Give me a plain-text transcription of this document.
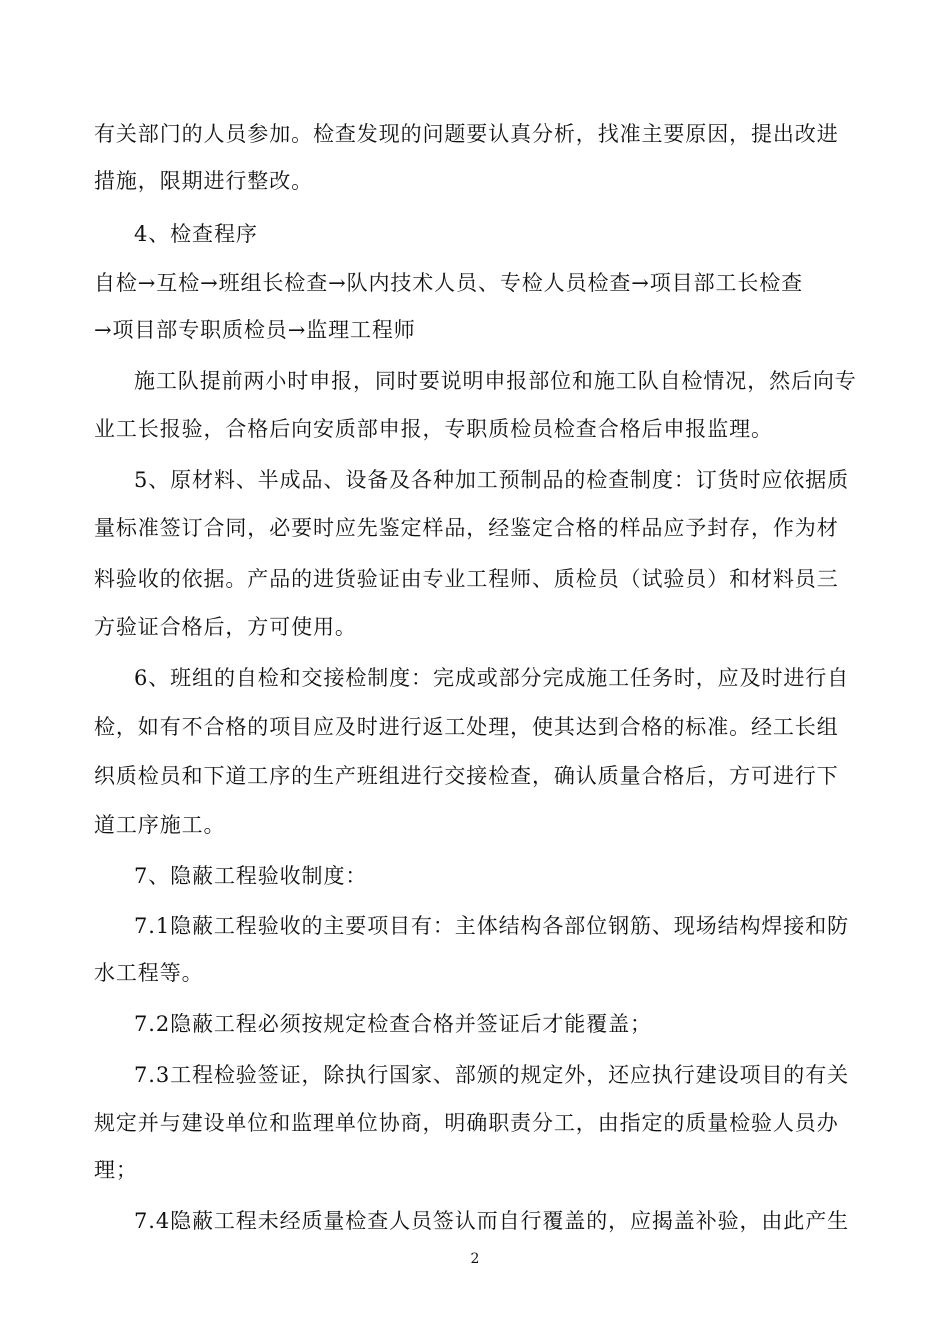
有关部门的人员参加。检查发现的问题要认真分析，找准主要原因，提出改进
措施，限期进行整改。
4、检查程序
自检→互检→班组长检查→队内技术人员、专检人员检查→项目部工长检查
→项目部专职质检员→监理工程师
施工队提前两小时申报，同时要说明申报部位和施工队自检情况，然后向专
业工长报验，合格后向安质部申报，专职质检员检查合格后申报监理。
5、原材料、半成品、设备及各种加工预制品的检查制度：订货时应依据质
量标准签订合同，必要时应先鉴定样品，经鉴定合格的样品应予封存，作为材
料验收的依据。产品的进货验证由专业工程师、质检员（试验员）和材料员三
方验证合格后，方可使用。
6、班组的自检和交接检制度：完成或部分完成施工任务时，应及时进行自
检，如有不合格的项目应及时进行返工处理，使其达到合格的标准。经工长组
织质检员和下道工序的生产班组进行交接检查，确认质量合格后，方可进行下
道工序施工。
7、隐蔽工程验收制度：
7.1隐蔽工程验收的主要项目有：主体结构各部位钢筋、现场结构焊接和防
水工程等。
7.2隐蔽工程必须按规定检查合格并签证后才能覆盖；
7.3工程检验签证，除执行国家、部颁的规定外，还应执行建设项目的有关
规定并与建设单位和监理单位协商，明确职责分工，由指定的质量检验人员办
理；
7.4隐蔽工程未经质量检查人员签认而自行覆盖的，应揭盖补验，由此产生
2
